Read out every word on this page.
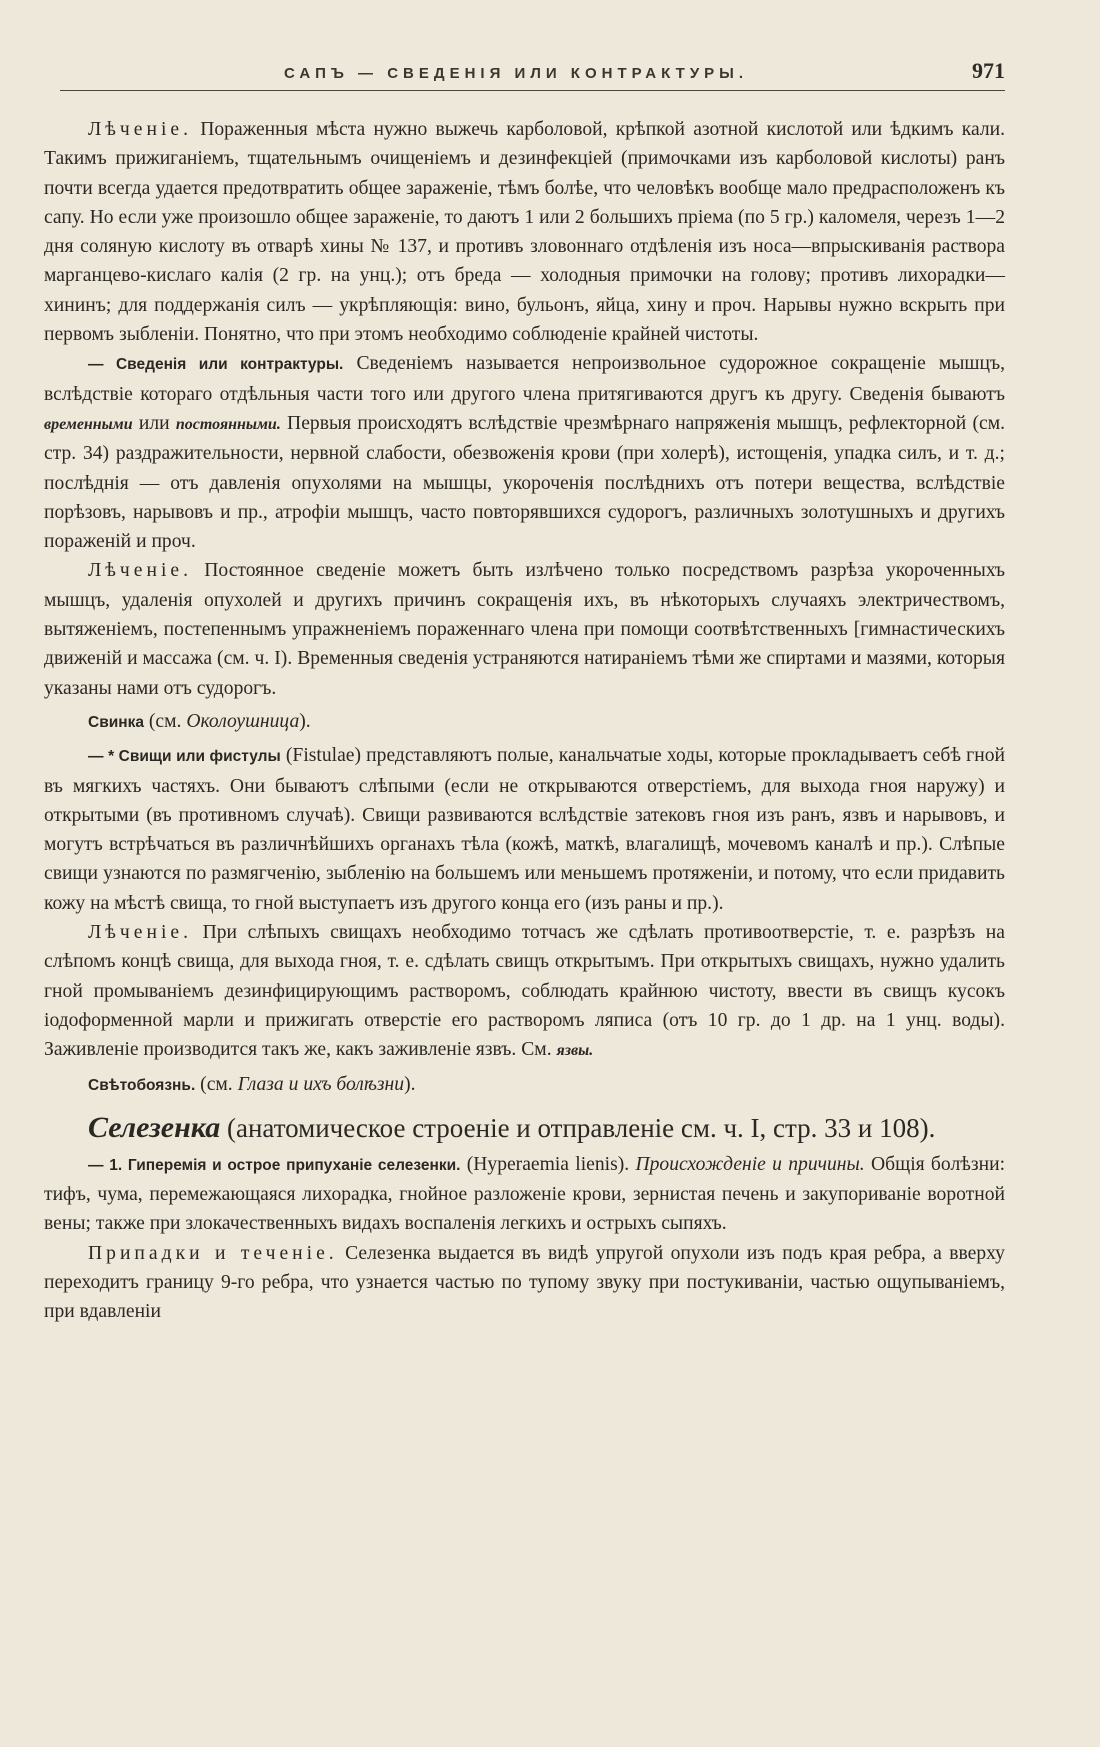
САПЪ — СВЕДЕНІЯ ИЛИ КОНТРАКТУРЫ.	971

Лѣченіе. Пораженныя мѣста нужно выжечь карболовой, крѣпкой азотной кислотой или ѣдкимъ кали. Такимъ прижиганіемъ, тщательнымъ очищеніемъ и дезинфекціей (примочками изъ карболовой кислоты) ранъ почти всегда удается предотвратить общее зараженіе, тѣмъ болѣе, что человѣкъ вообще мало предрасположенъ къ сапу. Но если уже произошло общее зараженіе, то даютъ 1 или 2 большихъ пріема (по 5 гр.) каломеля, черезъ 1—2 дня соляную кислоту въ отварѣ хины № 137, и противъ зловоннаго отдѣленія изъ носа—впрыскиванія раствора марганцево-кислаго калія (2 гр. на унц.); отъ бреда — холодныя примочки на голову; противъ лихорадки—хининъ; для поддержанія силъ — укрѣпляющія: вино, бульонъ, яйца, хину и проч. Нарывы нужно вскрыть при первомъ зыбленіи. Понятно, что при этомъ необходимо соблюденіе крайней чистоты.

— Сведенія или контрактуры. Сведеніемъ называется непроизвольное судорожное сокращеніе мышцъ, вслѣдствіе котораго отдѣльныя части того или другого члена притягиваются другъ къ другу. Сведенія бываютъ временными или постоянными. Первыя происходятъ вслѣдствіе чрезмѣрнаго напряженія мышцъ, рефлекторной (см. стр. 34) раздражительности, нервной слабости, обезвоженія крови (при холерѣ), истощенія, упадка силъ, и т. д.; послѣднія — отъ давленія опухолями на мышцы, укороченія послѣднихъ отъ потери вещества, вслѣдствіе порѣзовъ, нарывовъ и пр., атрофіи мышцъ, часто повторявшихся судорогъ, различныхъ золотушныхъ и другихъ пораженій и проч.

Лѣченіе. Постоянное сведеніе можетъ быть излѣчено только посредствомъ разрѣза укороченныхъ мышцъ, удаленія опухолей и другихъ причинъ сокращенія ихъ, въ нѣкоторыхъ случаяхъ электричествомъ, вытяженіемъ, постепеннымъ упражненіемъ пораженнаго члена при помощи соотвѣтственныхъ [гимнастическихъ движеній и массажа (см. ч. I). Временныя сведенія устраняются натираніемъ тѣми же спиртами и мазями, которыя указаны нами отъ судорогъ.

Свинка (см. Околоушница).

— * Свищи или фистулы (Fistulae) представляютъ полые, канальчатые ходы, которые прокладываетъ себѣ гной въ мягкихъ частяхъ. Они бываютъ слѣпыми (если не открываются отверстіемъ, для выхода гноя наружу) и открытыми (въ противномъ случаѣ). Свищи развиваются вслѣдствіе затековъ гноя изъ ранъ, язвъ и нарывовъ, и могутъ встрѣчаться въ различнѣйшихъ органахъ тѣла (кожѣ, маткѣ, влагалищѣ, мочевомъ каналѣ и пр.). Слѣпые свищи узнаются по размягченію, зыбленію на большемъ или меньшемъ протяженіи, и потому, что если придавить кожу на мѣстѣ свища, то гной выступаетъ изъ другого конца его (изъ раны и пр.).

Лѣченіе. При слѣпыхъ свищахъ необходимо тотчасъ же сдѣлать противоотверстіе, т. е. разрѣзъ на слѣпомъ концѣ свища, для выхода гноя, т. е. сдѣлать свищъ открытымъ. При открытыхъ свищахъ, нужно удалить гной промываніемъ дезинфицирующимъ растворомъ, соблюдать крайнюю чистоту, ввести въ свищъ кусокъ іодоформенной марли и прижигать отверстіе его растворомъ ляписа (отъ 10 гр. до 1 др. на 1 унц. воды). Заживленіе производится такъ же, какъ заживленіе язвъ. См. язвы.

Свѣтобоязнь. (см. Глаза и ихъ болѣзни).

Селезенка (анатомическое строеніе и отправленіе см. ч. I, стр. 33 и 108).

— 1. Гиперемія и острое припуханіе селезенки. (Hyperaemia lienis). Происхожденіе и причины. Общія болѣзни: тифъ, чума, перемежающаяся лихорадка, гнойное разложеніе крови, зернистая печень и закупориваніе воротной вены; также при злокачественныхъ видахъ воспаленія легкихъ и острыхъ сыпяхъ.

Припадки и теченіе. Селезенка выдается въ видѣ упругой опухоли изъ подъ края ребра, а вверху переходитъ границу 9-го ребра, что узнается частью по тупому звуку при постукиваніи, частью ощупываніемъ, при вдавленіи
